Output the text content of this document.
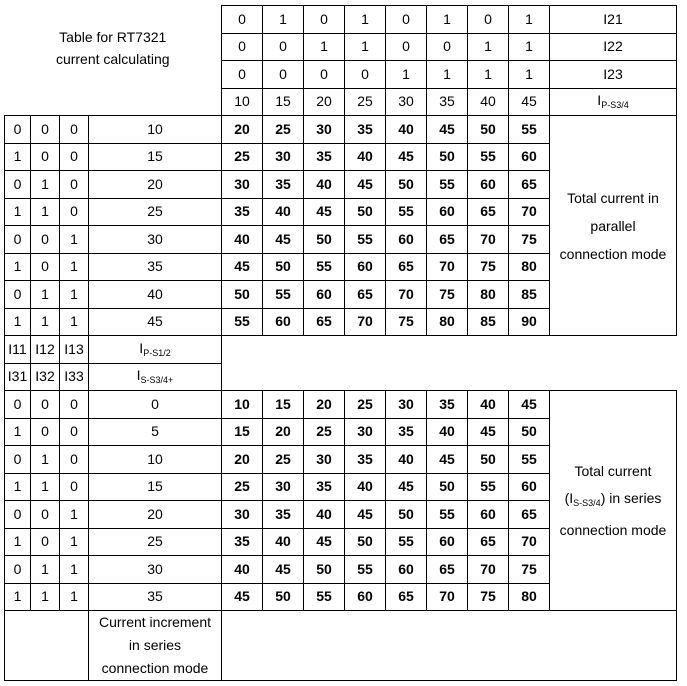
Table for RT7321
current calculating				0	1	0	1	0	1	0	1	I21
				0	0	1	1	0	0	1	1	I22
				0	0	0	0	1	1	1	1	I23
				10	15	20	25	30	35	40	45	$I_{P-S3/4}$
0	0	0	10	20	25	30	35	40	45	50	55	Total current in
parallel
connection mode

1	0	0	15	25	30	35	40	45	50	55	60	
0	1	0	20	30	35	40	45	50	55	60	65	
1	1	0	25	35	40	45	50	55	60	65	70	
0	0	1	30	40	45	50	55	60	65	70	75	
1	0	1	35	45	50	55	60	65	70	75	80	
0	1	1	40	50	55	60	65	70	75	80	85	
1	1	1	45	55	60	65	70	75	80	85	90	
I11	I12	I13	$I_{P-S1/2}$	
I31	I32	I33	$I_{S-S3/4+}$
0	0	0	0	10	15	20	25	30	35	40	45	Total current
$(I_{S-S3/4})$ in series
connection mode

1	0	0	5	15	20	25	30	35	40	45	50	
0	1	0	10	20	25	30	35	40	45	50	55	
1	1	0	15	25	30	35	40	45	50	55	60	
0	0	1	20	30	35	40	45	50	55	60	65	
1	0	1	25	35	40	45	50	55	60	65	70	
0	1	1	30	40	45	50	55	60	65	70	75	
1	1	1	35	45	50	55	60	65	70	75	80	

			Current increment
in series
connection mode									
